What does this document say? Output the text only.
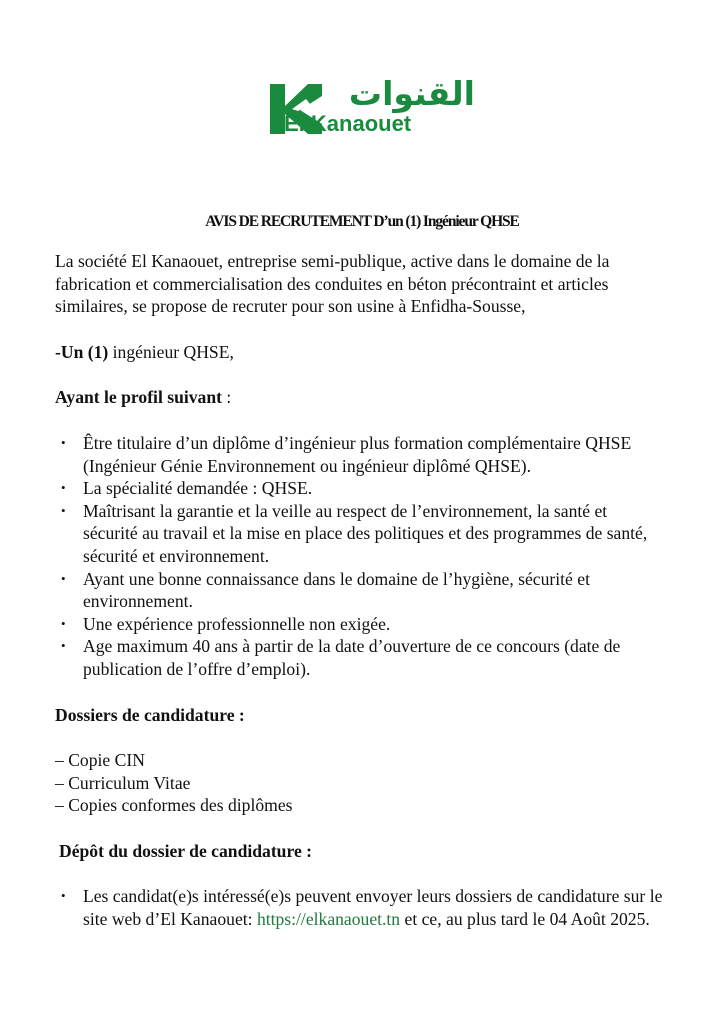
القنوات
El Kanaouet
AVIS DE RECRUTEMENT D’un (1) Ingénieur QHSE

La société El Kanaouet, entreprise semi-publique, active dans le domaine de la fabrication et commercialisation des conduites en béton précontraint et articles similaires, se propose de recruter pour son usine à Enfidha-Sousse,

-Un (1) ingénieur QHSE,

Ayant le profil suivant :

• Être titulaire d’un diplôme d’ingénieur plus formation complémentaire QHSE (Ingénieur Génie Environnement ou ingénieur diplômé QHSE).
• La spécialité demandée : QHSE.
• Maîtrisant la garantie et la veille au respect de l’environnement, la santé et sécurité au travail et la mise en place des politiques et des programmes de santé, sécurité et environnement.
• Ayant une bonne connaissance dans le domaine de l’hygiène, sécurité et environnement.
• Une expérience professionnelle non exigée.
• Age maximum 40 ans à partir de la date d’ouverture de ce concours (date de publication de l’offre d’emploi).

Dossiers de candidature :

– Copie CIN

– Curriculum Vitae

– Copies conformes des diplômes

Dépôt du dossier de candidature :

• Les candidat(e)s intéressé(e)s peuvent envoyer leurs dossiers de candidature sur le site web d’El Kanaouet: https://elkanaouet.tn et ce, au plus tard le 04 Août 2025.
